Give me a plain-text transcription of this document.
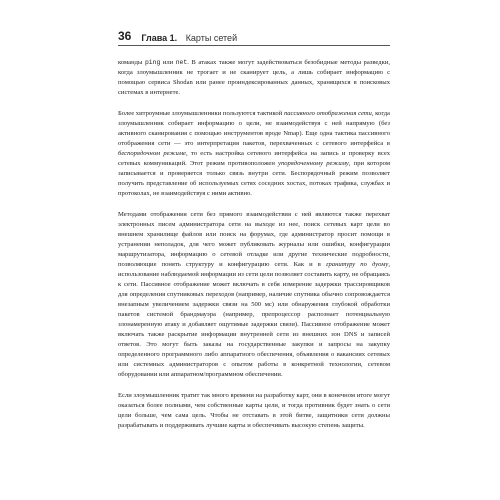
36 Глава 1.
Карты сетей

команды ping или net. В атаках также могут задействоваться безобидные методы разведки, когда злоумышленник не трогает и не сканирует цель, а лишь собирает информацию с помощью сервиса Shodan или ранее проиндексированных данных, хранящихся в поисковых системах в интернете.

Более хитроумные злоумышленники пользуются тактикой пассивного отображения сети, когда злоумышленник собирает информацию о цели, не взаимодействуя с ней напрямую (без активного сканирования с помощью инструментов вроде Nmap). Еще одна тактика пассивного отображения сети — это интерпретация пакетов, перехваченных с сетевого интерфейса в беспорядочном режиме, то есть настройка сетевого интерфейса на запись и проверку всех сетевых коммуникаций. Этот режим противоположен упорядоченному режиму, при котором записывается и проверяется только связь внутри сети. Беспорядочный режим позволяет получить представление об используемых сетях соседних хостах, потоках трафика, службах и протоколах, не взаимодействуя с ними активно.

Методами отображения сети без прямого взаимодействия с ней являются также перехват электронных писем администратора сети на выходе из нее, поиск сетевых карт цели во внешнем хранилище файлов или поиск на форумах, где администратор просит помощи в устранении неполадок, для чего может публиковать журналы или ошибки, конфигурации маршрутизатора, информацию о сетевой отладке или другие технические подробности, позволяющие понять структуру и конфигурацию сети. Как и в гранитуру по дуому, использование наблюдаемой информации из сети цели позволяет составить карту, не обращаясь к сети. Пассивное отображение может включать в себя измерение задержки трассировщиков для определения спутниковых переходов (например, наличие спутника обычно сопровождается внезапным увеличением задержки связи на 500 мс) или обнаружения глубокой обработки пакетов системой брандмауэра (например, препроцессор распознает потенциальную злонамеренную атаку и добавляет ощутимые задержки связи). Пассивное отображение может включать также раскрытие информации внутренней сети из внешних зон DNS и записей ответов. Это могут быть заказы на государственные закупки и запросы на закупку определенного программного либо аппаратного обеспечения, объявления о вакансиях сетевых или системных администраторов с опытом работы в конкретной технологии, сетевом оборудовании или аппаратном/программном обеспечении.

Если злоумышленник тратит так много времени на разработку карт, они в конечном итоге могут оказаться более полными, чем собственные карты цели, и тогда противник будет знать о сети цели больше, чем сама цель. Чтобы не отставать в этой битве, защитники сети должны разрабатывать и поддерживать лучшие карты и обеспечивать высокую степень защиты.
